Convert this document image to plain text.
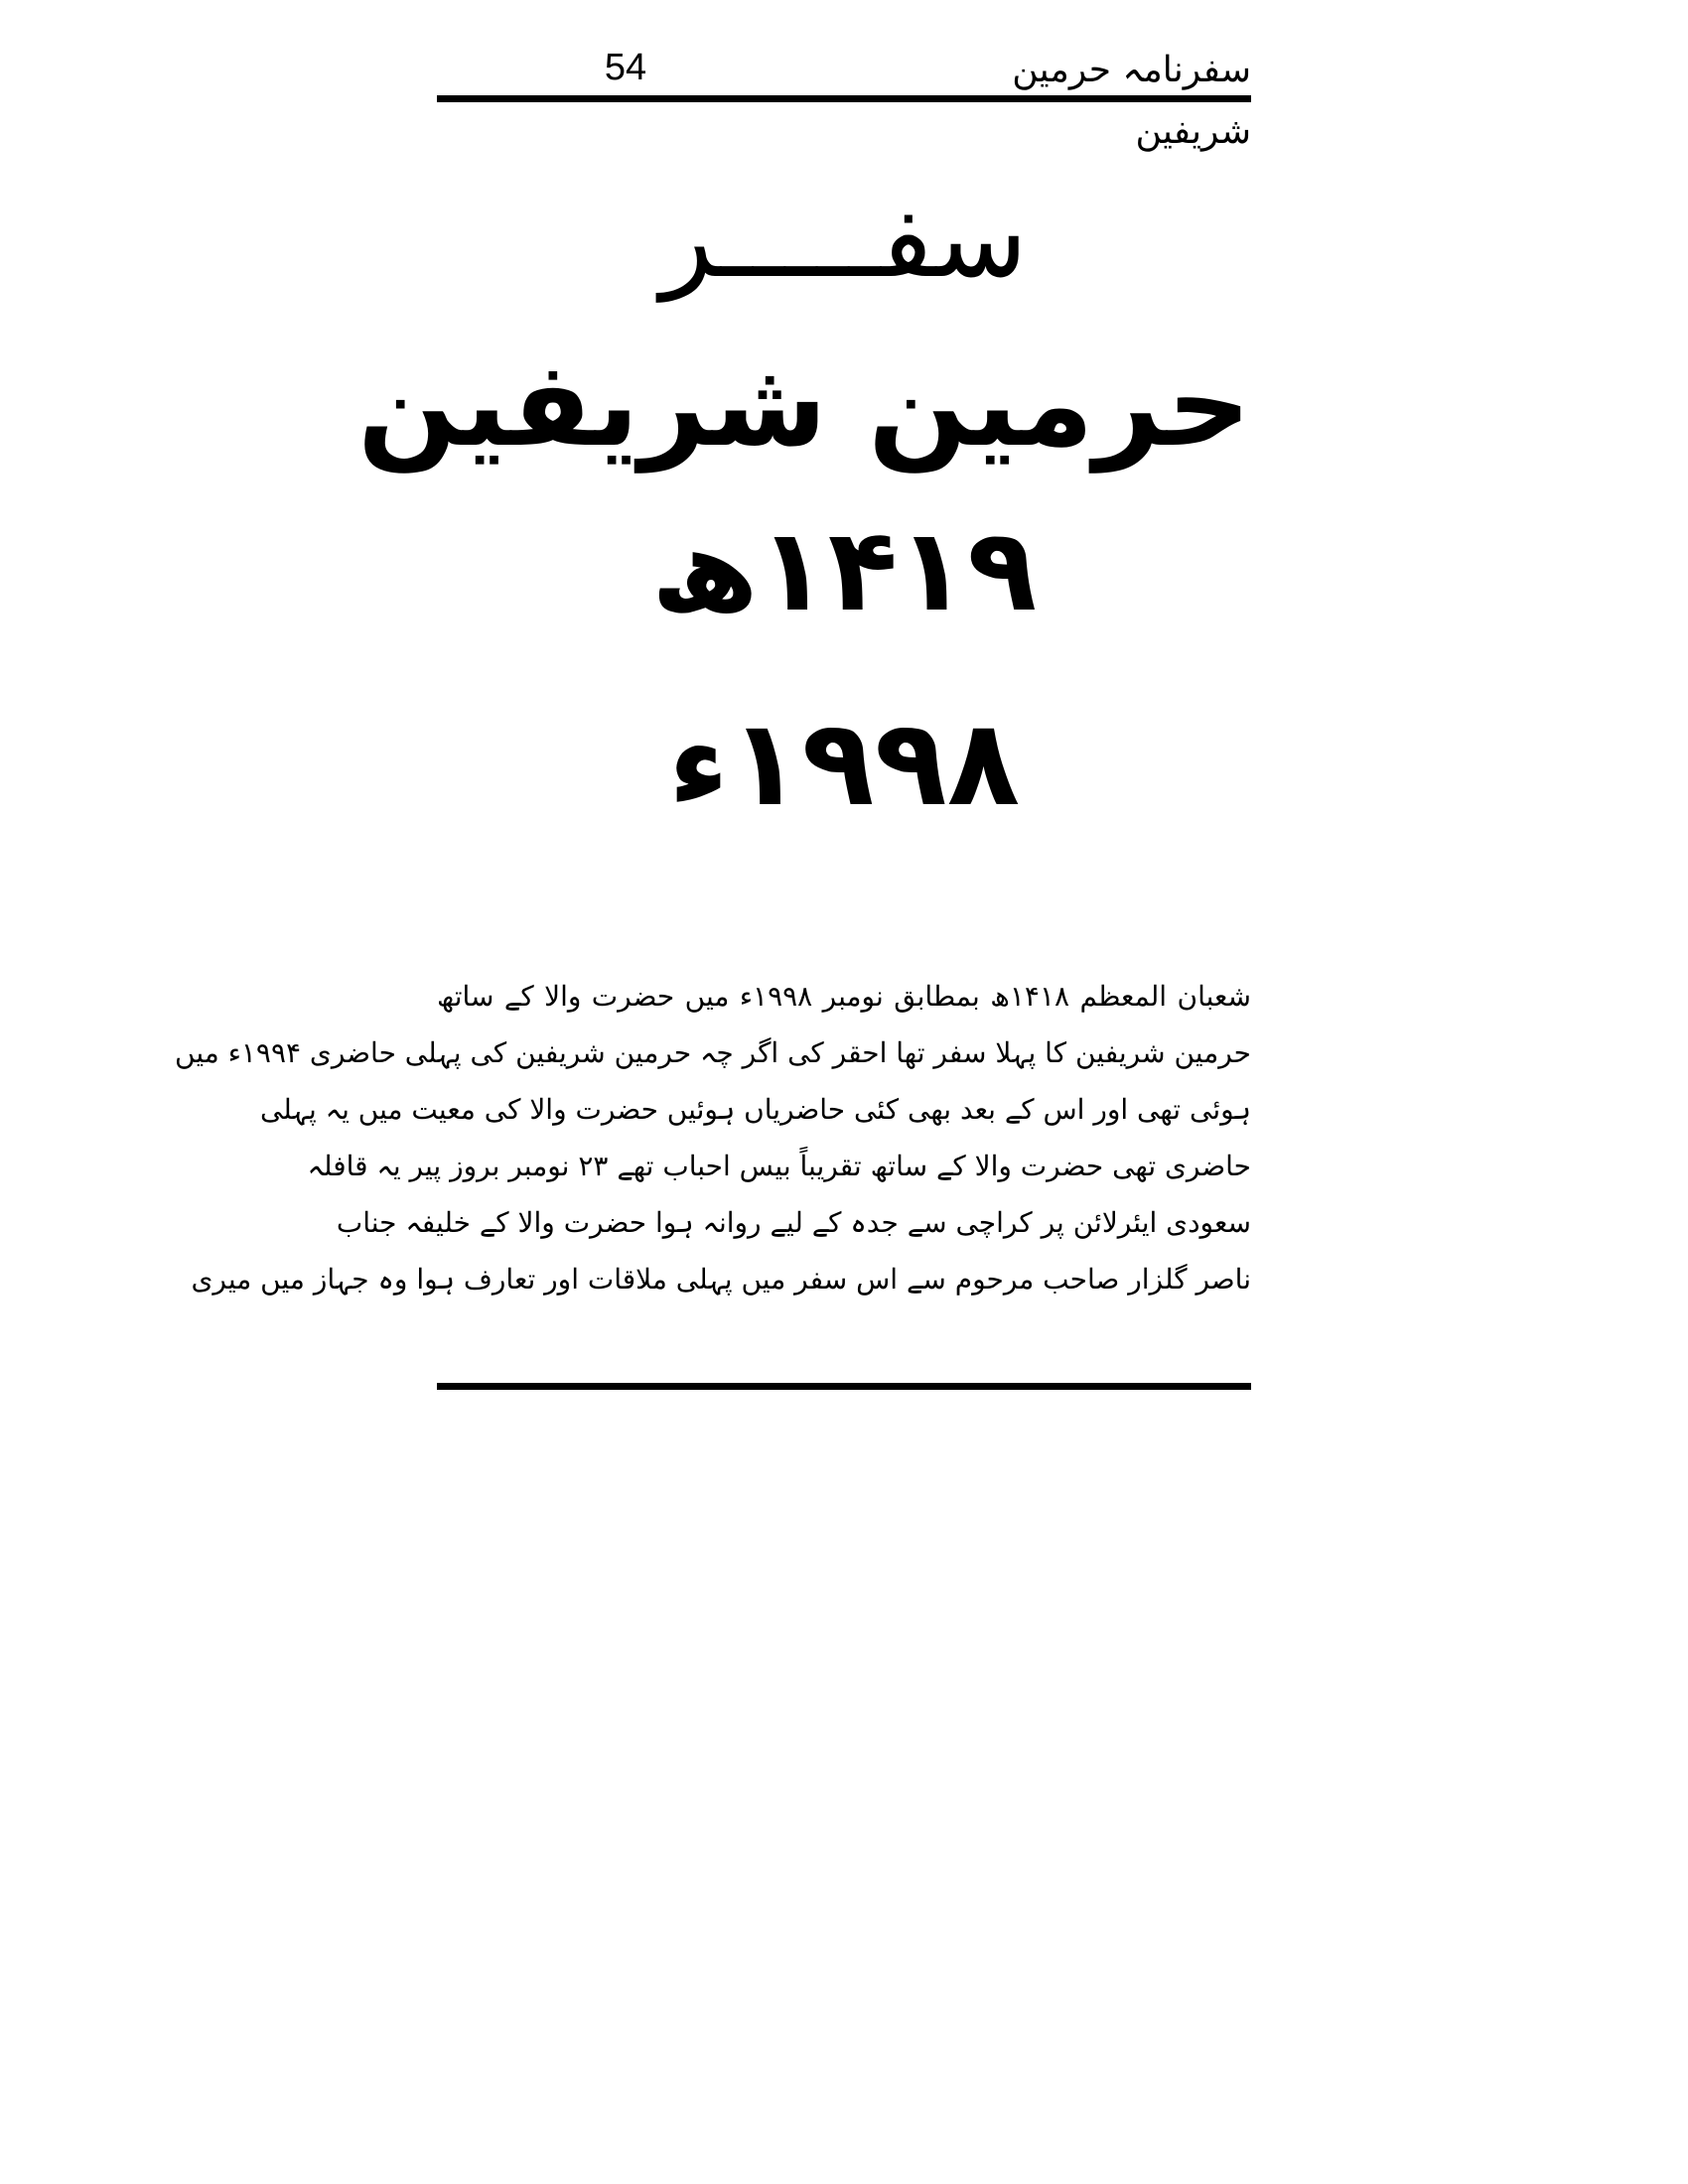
54	سفرنامہ حرمین شریفین
سفـــــر
حرمین شریفین
۱۴۱۹ھ
۱۹۹۸ء
شعبان المعظم ۱۴۱۸ھ بمطابق نومبر ۱۹۹۸ء میں حضرت والا کے ساتھ
حرمین شریفین کا پہلا سفر تھا احقر کی اگر چہ حرمین شریفین کی پہلی حاضری ۱۹۹۴ء میں
ہوئی تھی اور اس کے بعد بھی کئی حاضریاں ہوئیں حضرت والا کی معیت میں یہ پہلی
حاضری تھی حضرت والا کے ساتھ تقریباً بیس احباب تھے ۲۳ نومبر بروز پیر یہ قافلہ
سعودی ایئرلائن پر کراچی سے جدہ کے لیے روانہ ہوا حضرت والا کے خلیفہ جناب
ناصر گلزار صاحب مرحوم سے اس سفر میں پہلی ملاقات اور تعارف ہوا وہ جہاز میں میری
